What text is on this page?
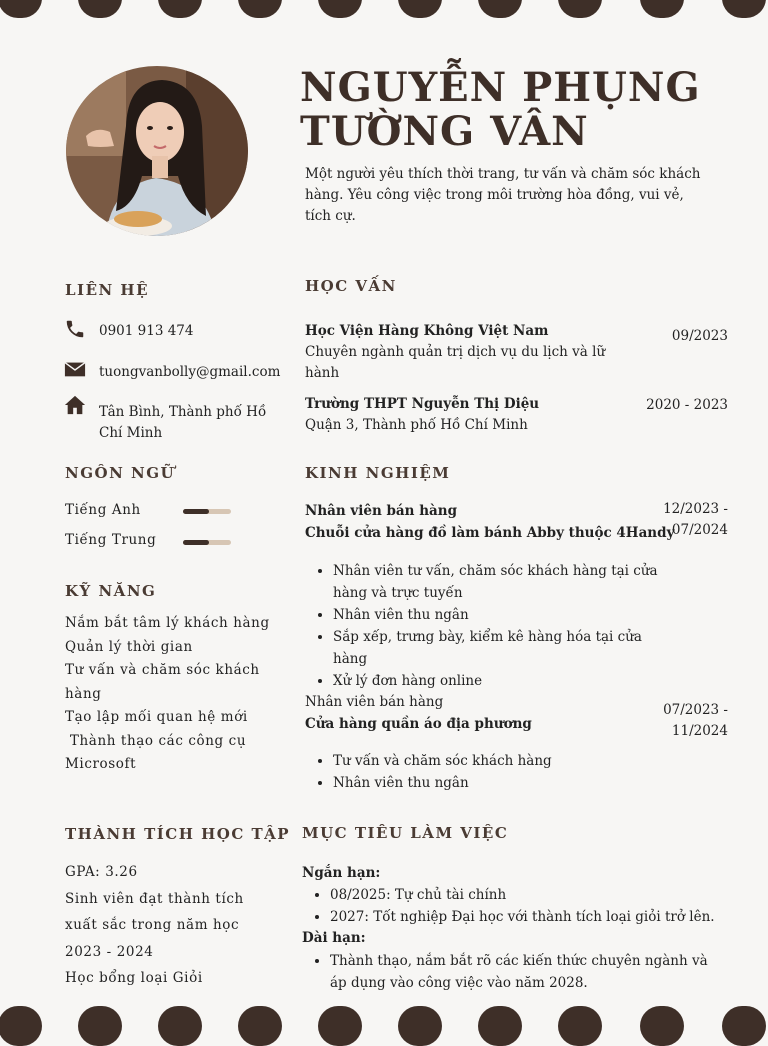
NGUYỄN PHỤNG
TƯỜNG VÂN
Một người yêu thích thời trang, tư vấn và chăm sóc khách hàng. Yêu công việc trong môi trường hòa đồng, vui vẻ, tích cự.
LIÊN HỆ
0901 913 474
tuongvanbolly@gmail.com
Tân Bình, Thành phố Hồ
Chí Minh
NGÔN NGỮ
Tiếng Anh
Tiếng Trung
KỸ NĂNG
Nắm bắt tâm lý khách hàng
Quản lý thời gian
Tư vấn và chăm sóc khách
hàng
Tạo lập mối quan hệ mới
Thành thạo các công cụ
Microsoft
THÀNH TÍCH HỌC TẬP
GPA: 3.26
Sinh viên đạt thành tích
xuất sắc trong năm học
2023 - 2024
Học bổng loại Giỏi
HỌC VẤN
Học Viện Hàng Không Việt Nam	09/2023
Chuyên ngành quản trị dịch vụ du lịch và lữ
hành
Trường THPT Nguyễn Thị Diệu	2020 - 2023
Quận 3, Thành phố Hồ Chí Minh
KINH NGHIỆM
Nhân viên bán hàng
Chuỗi cửa hàng đồ làm bánh Abby thuộc 4Handy
12/2023 -
07/2024
• Nhân viên tư vấn, chăm sóc khách hàng tại cửa hàng và trực tuyến
• Nhân viên thu ngân
• Sắp xếp, trưng bày, kiểm kê hàng hóa tại cửa hàng
• Xử lý đơn hàng online
Nhân viên bán hàng
Cửa hàng quần áo địa phương
07/2023 -
11/2024
• Tư vấn và chăm sóc khách hàng
• Nhân viên thu ngân
MỤC TIÊU LÀM VIỆC
Ngắn hạn:
• 08/2025: Tự chủ tài chính
• 2027: Tốt nghiệp Đại học với thành tích loại giỏi trở lên.
Dài hạn:
• Thành thạo, nắm bắt rõ các kiến thức chuyên ngành và áp dụng vào công việc vào năm 2028.
